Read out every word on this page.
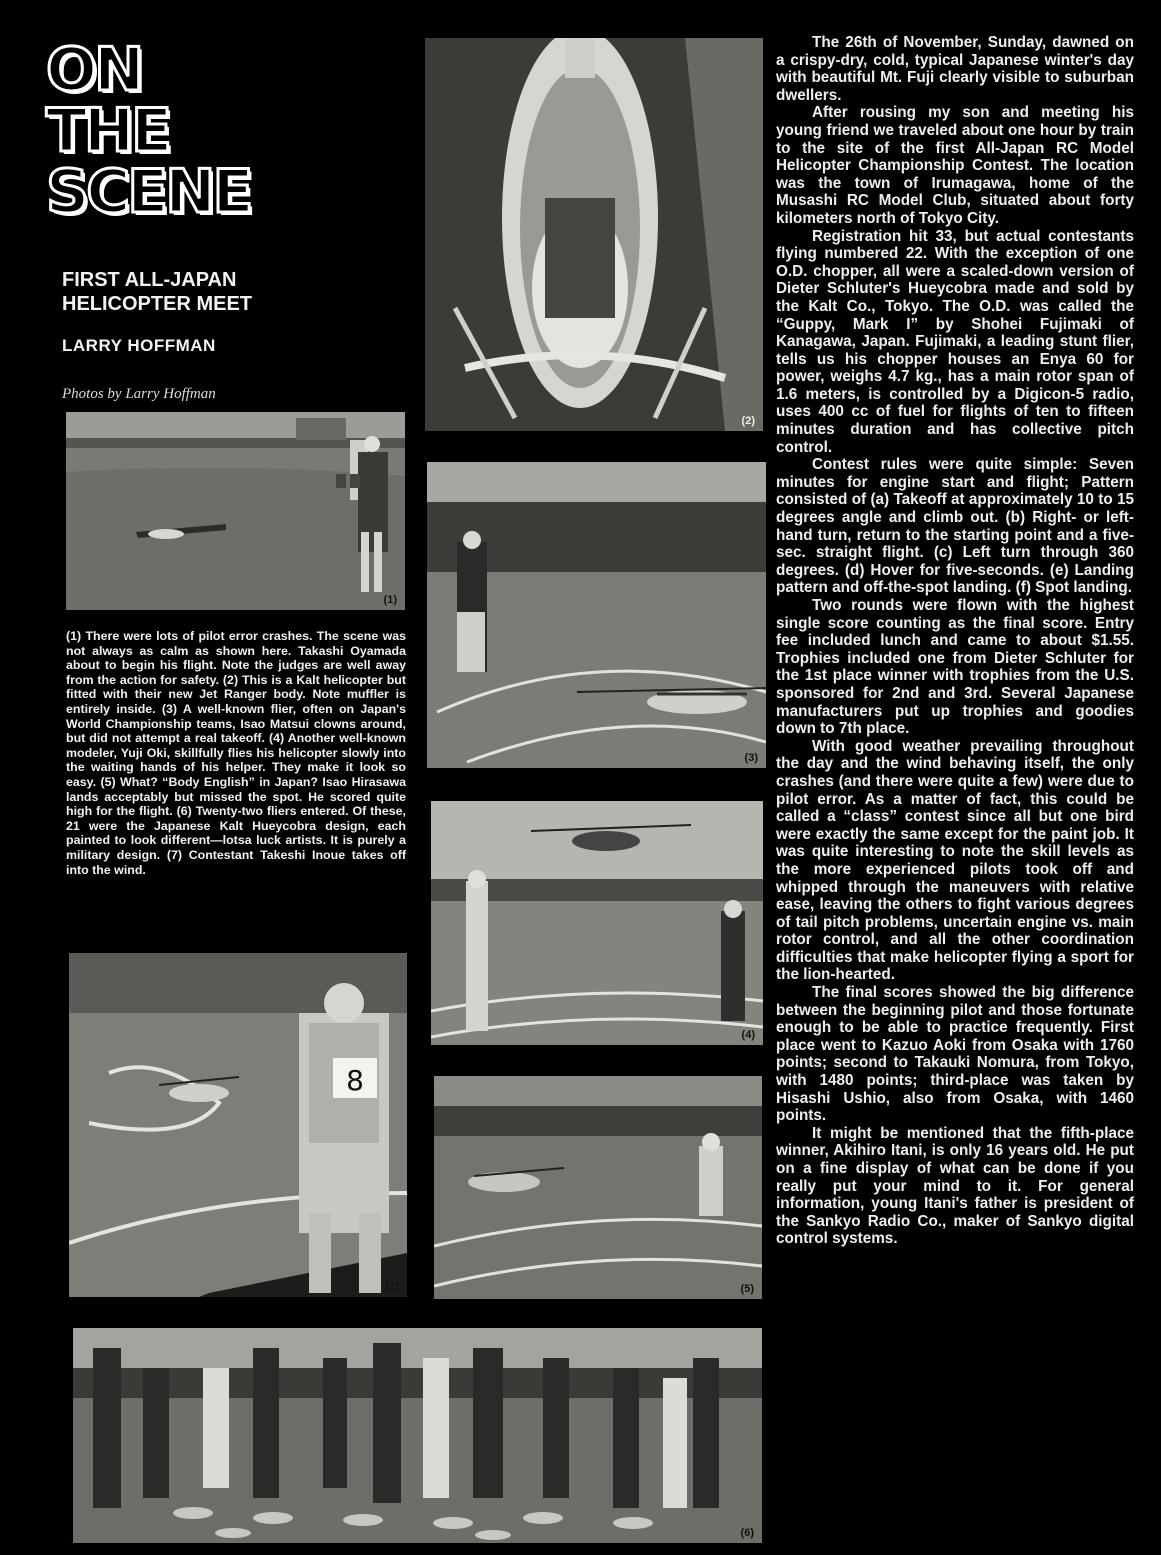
ON
THE
SCENE
FIRST ALL-JAPAN
HELICOPTER MEET
LARRY HOFFMAN
Photos by Larry Hoffman
(1)
(2)
(3)
(4)
(5)
8
(7)
(6)
(1) There were lots of pilot error crashes. The scene was not always as calm as shown here. Takashi Oyamada about to begin his flight. Note the judges are well away from the action for safety. (2) This is a Kalt helicopter but fitted with their new Jet Ranger body. Note muffler is entirely inside. (3) A well-known flier, often on Japan's World Championship teams, Isao Matsui clowns around, but did not attempt a real takeoff. (4) Another well-known modeler, Yuji Oki, skillfully flies his helicopter slowly into the waiting hands of his helper. They make it look so easy. (5) What? “Body English” in Japan? Isao Hirasawa lands acceptably but missed the spot. He scored quite high for the flight. (6) Twenty-two fliers entered. Of these, 21 were the Japanese Kalt Hueycobra design, each painted to look different—lotsa luck artists. It is purely a military design. (7) Contestant Takeshi Inoue takes off into the wind.

The 26th of November, Sunday, dawned on a crispy-dry, cold, typical Japanese winter's day with beautiful Mt. Fuji clearly visible to suburban dwellers.

After rousing my son and meeting his young friend we traveled about one hour by train to the site of the first All-Japan RC Model Helicopter Championship Contest. The location was the town of Irumagawa, home of the Musashi RC Model Club, situated about forty kilometers north of Tokyo City.

Registration hit 33, but actual contestants flying numbered 22. With the exception of one O.D. chopper, all were a scaled-down version of Dieter Schluter's Hueycobra made and sold by the Kalt Co., Tokyo. The O.D. was called the “Guppy, Mark I” by Shohei Fujimaki of Kanagawa, Japan. Fujimaki, a leading stunt flier, tells us his chopper houses an Enya 60 for power, weighs 4.7 kg., has a main rotor span of 1.6 meters, is controlled by a Digicon-5 radio, uses 400 cc of fuel for flights of ten to fifteen minutes duration and has collective pitch control.

Contest rules were quite simple: Seven minutes for engine start and flight; Pattern consisted of (a) Takeoff at approximately 10 to 15 degrees angle and climb out. (b) Right- or left-hand turn, return to the starting point and a five-sec. straight flight. (c) Left turn through 360 degrees. (d) Hover for five-seconds. (e) Landing pattern and off-the-spot landing. (f) Spot landing.

Two rounds were flown with the highest single score counting as the final score. Entry fee included lunch and came to about $1.55. Trophies included one from Dieter Schluter for the 1st place winner with trophies from the U.S. sponsored for 2nd and 3rd. Several Japanese manufacturers put up trophies and goodies down to 7th place.

With good weather prevailing throughout the day and the wind behaving itself, the only crashes (and there were quite a few) were due to pilot error. As a matter of fact, this could be called a “class” contest since all but one bird were exactly the same except for the paint job. It was quite interesting to note the skill levels as the more experienced pilots took off and whipped through the maneuvers with relative ease, leaving the others to fight various degrees of tail pitch problems, uncertain engine vs. main rotor control, and all the other coordination difficulties that make helicopter flying a sport for the lion-hearted.

The final scores showed the big difference between the beginning pilot and those fortunate enough to be able to practice frequently. First place went to Kazuo Aoki from Osaka with 1760 points; second to Takauki Nomura, from Tokyo, with 1480 points; third-place was taken by Hisashi Ushio, also from Osaka, with 1460 points.

It might be mentioned that the fifth-place winner, Akihiro Itani, is only 16 years old. He put on a fine display of what can be done if you really put your mind to it. For general information, young Itani's father is president of the Sankyo Radio Co., maker of Sankyo digital control systems.
